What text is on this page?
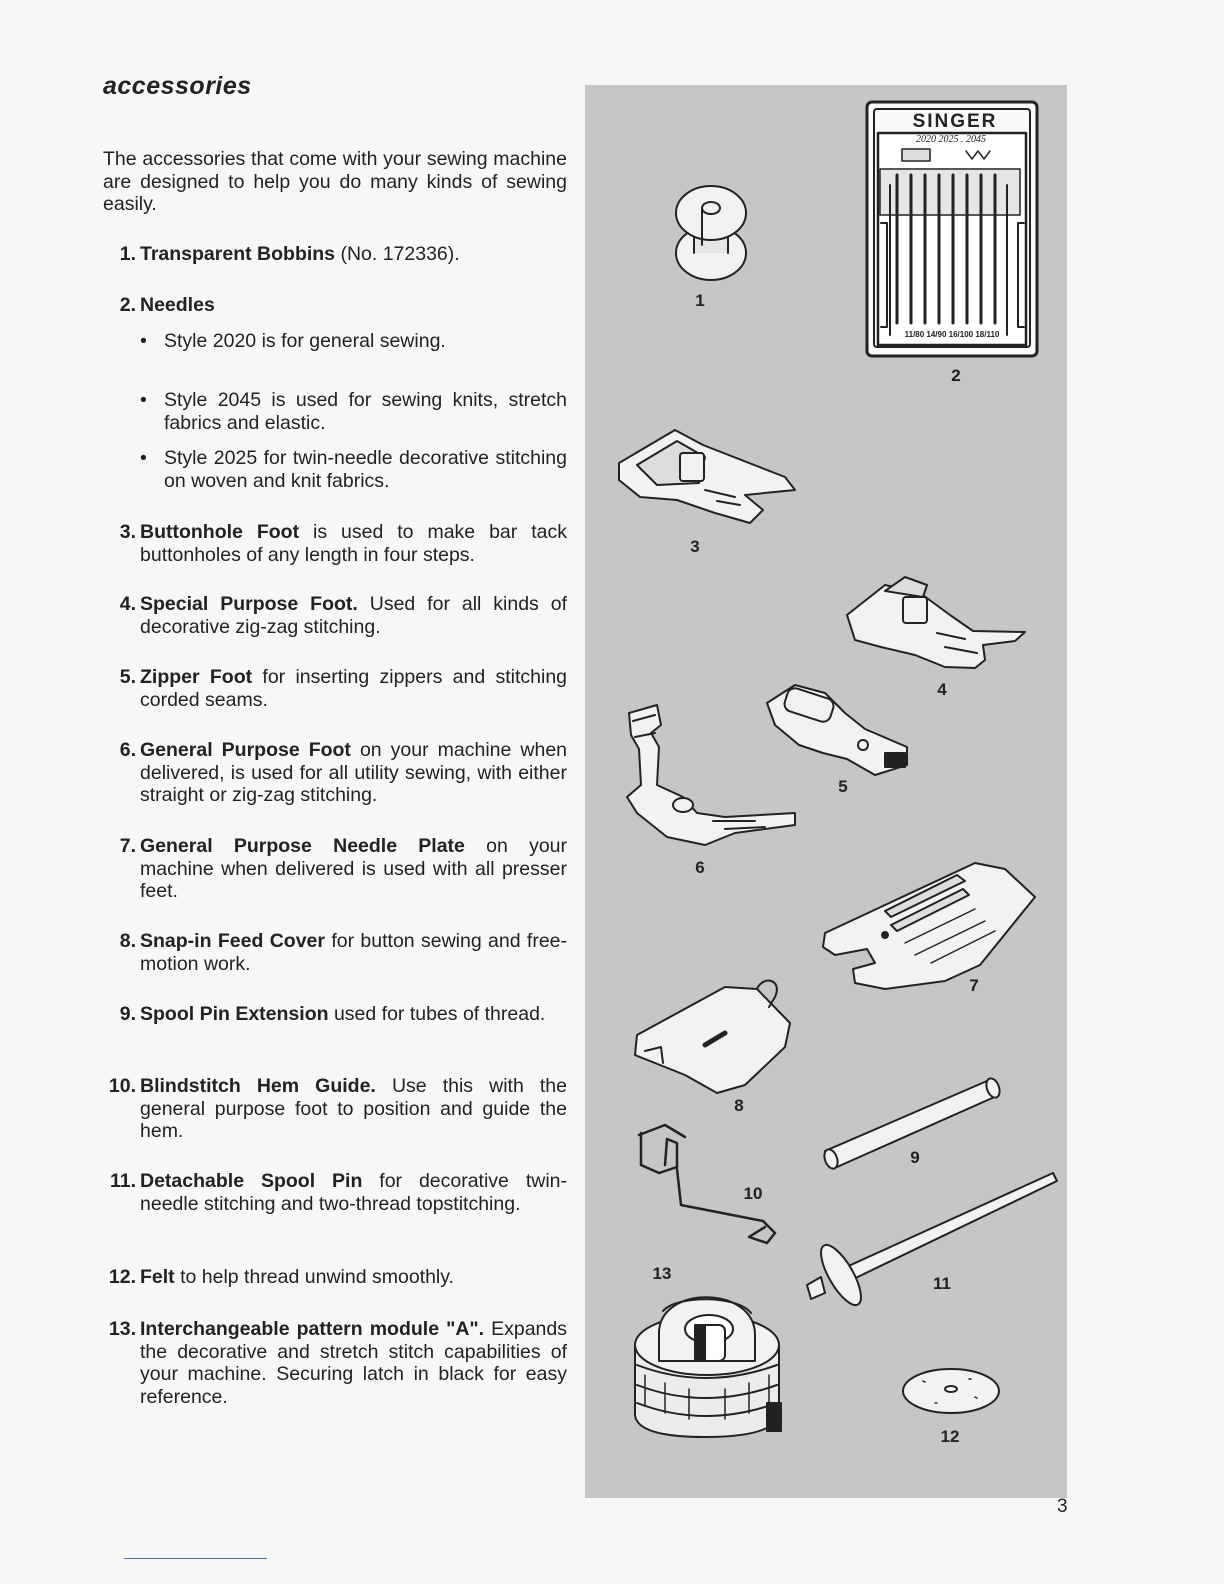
accessories

The accessories that come with your sewing machine are designed to help you do many kinds of sewing easily.

1. Transparent Bobbins (No. 172336).
2. Needles
• Style 2020 is for general sewing.
• Style 2045 is used for sewing knits, stretch fabrics and elastic.
• Style 2025 for twin-needle decorative stitching on woven and knit fabrics.
3. Buttonhole Foot is used to make bar tack buttonholes of any length in four steps.
4. Special Purpose Foot. Used for all kinds of decorative zig-zag stitching.
5. Zipper Foot for inserting zippers and stitching corded seams.
6. General Purpose Foot on your machine when delivered, is used for all utility sewing, with either straight or zig-zag stitching.
7. General Purpose Needle Plate on your machine when delivered is used with all presser feet.
8. Snap-in Feed Cover for button sewing and free-motion work.
9. Spool Pin Extension used for tubes of thread.
10. Blindstitch Hem Guide. Use this with the general purpose foot to position and guide the hem.
11. Detachable Spool Pin for decorative twin-needle stitching and two-thread topstitching.
12. Felt to help thread unwind smoothly.
13. Interchangeable pattern module "A". Expands the decorative and stretch stitch capabilities of your machine. Securing latch in black for easy reference.
1
2
3
4
5
6
7
8
9
10
11
12
13
SINGER
2020 2025 . 2045
11/80 14/90 16/100 18/110
3
